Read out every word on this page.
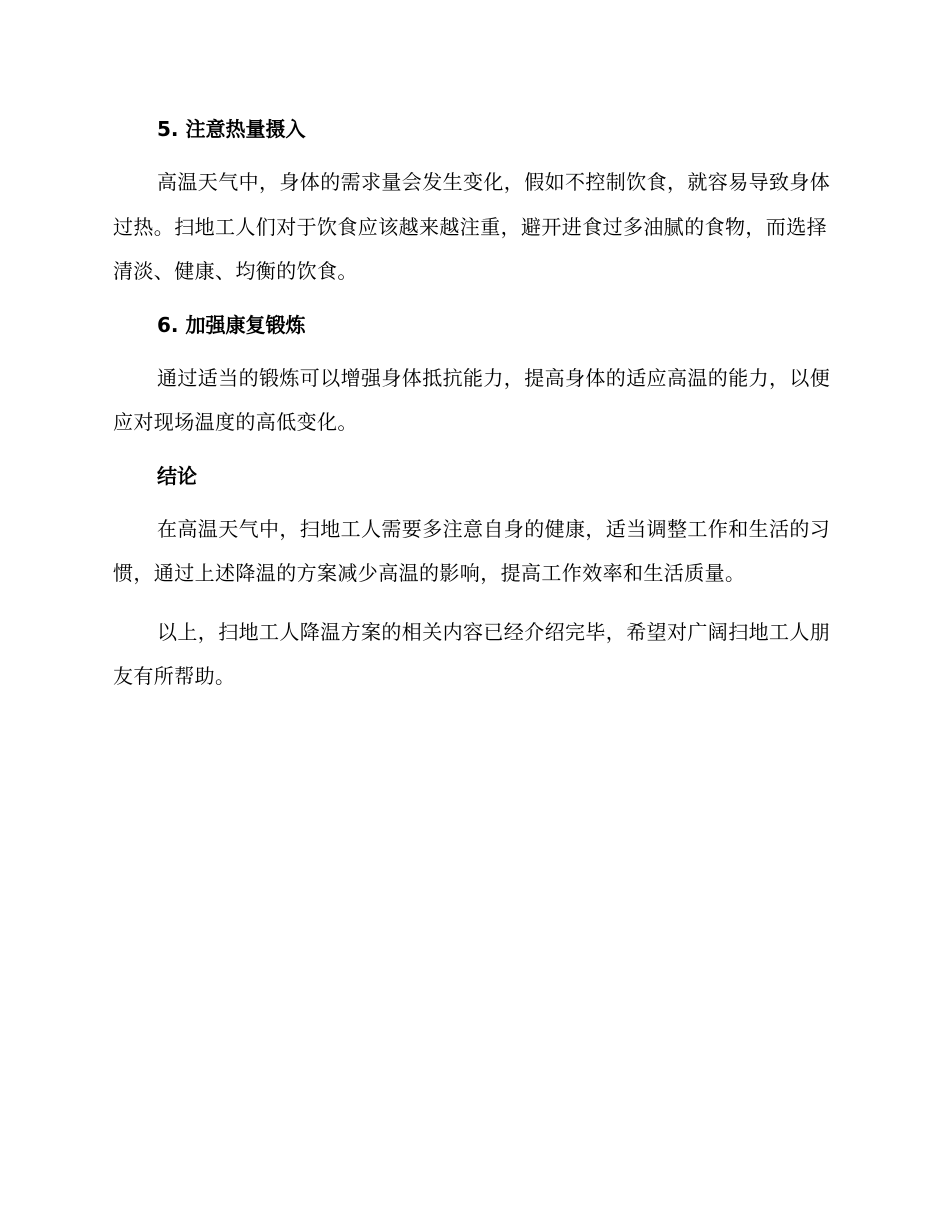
5. 注意热量摄入

高温天气中，身体的需求量会发生变化，假如不控制饮食，就容易导致身体过热。扫地工人们对于饮食应该越来越注重，避开进食过多油腻的食物，而选择清淡、健康、均衡的饮食。

6. 加强康复锻炼

通过适当的锻炼可以增强身体抵抗能力，提高身体的适应高温的能力，以便应对现场温度的高低变化。

结论

在高温天气中，扫地工人需要多注意自身的健康，适当调整工作和生活的习惯，通过上述降温的方案减少高温的影响，提高工作效率和生活质量。

以上，扫地工人降温方案的相关内容已经介绍完毕，希望对广阔扫地工人朋友有所帮助。
